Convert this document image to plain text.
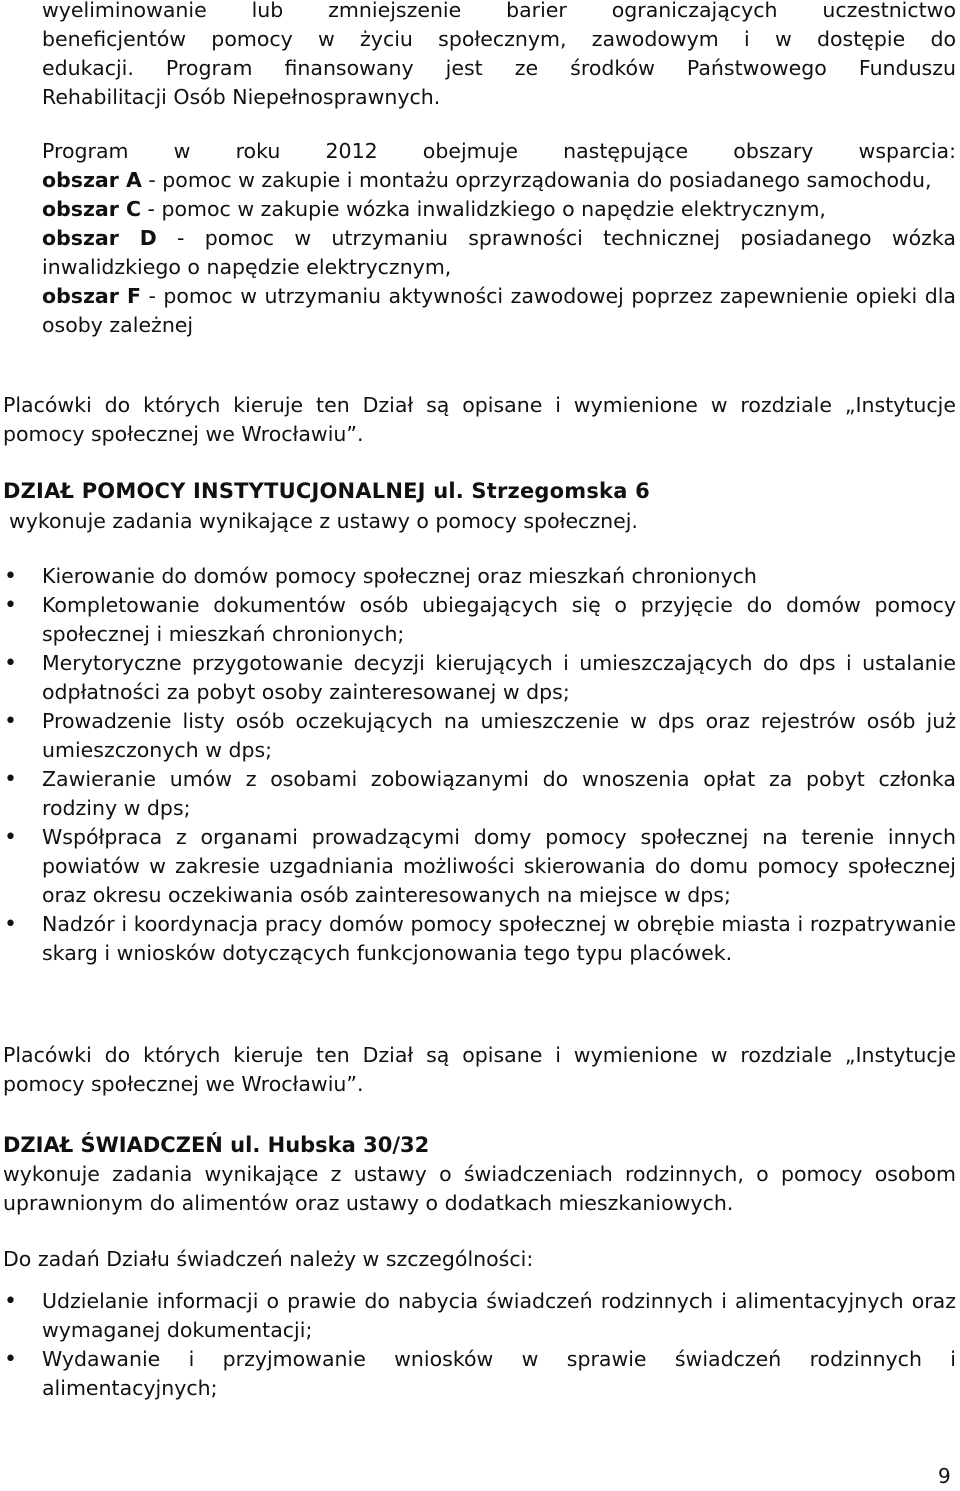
wyeliminowanie lub zmniejszenie barier ograniczających uczestnictwo
beneficjentów pomocy w życiu społecznym, zawodowym i w dostępie do
edukacji. Program finansowany jest ze środków Państwowego Funduszu
Rehabilitacji Osób Niepełnosprawnych.
Program w roku 2012 obejmuje następujące obszary wsparcia:
obszar A - pomoc w zakupie i montażu oprzyrządowania do posiadanego samochodu,
obszar C - pomoc w zakupie wózka inwalidzkiego o napędzie elektrycznym,
obszar D - pomoc w utrzymaniu sprawności technicznej posiadanego wózka inwalidzkiego o napędzie elektrycznym,
obszar F - pomoc w utrzymaniu aktywności zawodowej poprzez zapewnienie opieki dla osoby zależnej
Placówki do których kieruje ten Dział są opisane i wymienione w rozdziale „Instytucje pomocy społecznej we Wrocławiu”.
DZIAŁ POMOCY INSTYTUCJONALNEJ ul. Strzegomska 6
wykonuje zadania wynikające z ustawy o pomocy społecznej.
• Kierowanie do domów pomocy społecznej oraz mieszkań chronionych
• Kompletowanie dokumentów osób ubiegających się o przyjęcie do domów pomocy społecznej i mieszkań chronionych;
• Merytoryczne przygotowanie decyzji kierujących i umieszczających do dps i ustalanie odpłatności za pobyt osoby zainteresowanej w dps;
• Prowadzenie listy osób oczekujących na umieszczenie w dps oraz rejestrów osób już umieszczonych w dps;
• Zawieranie umów z osobami zobowiązanymi do wnoszenia opłat za pobyt członka rodziny w dps;
• Współpraca z organami prowadzącymi domy pomocy społecznej na terenie innych powiatów w zakresie uzgadniania możliwości skierowania do domu pomocy społecznej oraz okresu oczekiwania osób zainteresowanych na miejsce w dps;
• Nadzór i koordynacja pracy domów pomocy społecznej w obrębie miasta i rozpatrywanie skarg i wniosków dotyczących funkcjonowania tego typu placówek.
Placówki do których kieruje ten Dział są opisane i wymienione w rozdziale „Instytucje pomocy społecznej we Wrocławiu”.
DZIAŁ ŚWIADCZEŃ ul. Hubska 30/32
wykonuje zadania wynikające z ustawy o świadczeniach rodzinnych, o pomocy osobom uprawnionym do alimentów oraz ustawy o dodatkach mieszkaniowych.
Do zadań Działu świadczeń należy w szczególności:
• Udzielanie informacji o prawie do nabycia świadczeń rodzinnych i alimentacyjnych oraz wymaganej dokumentacji;
• Wydawanie i przyjmowanie wniosków w sprawie świadczeń rodzinnych i alimentacyjnych;
9
